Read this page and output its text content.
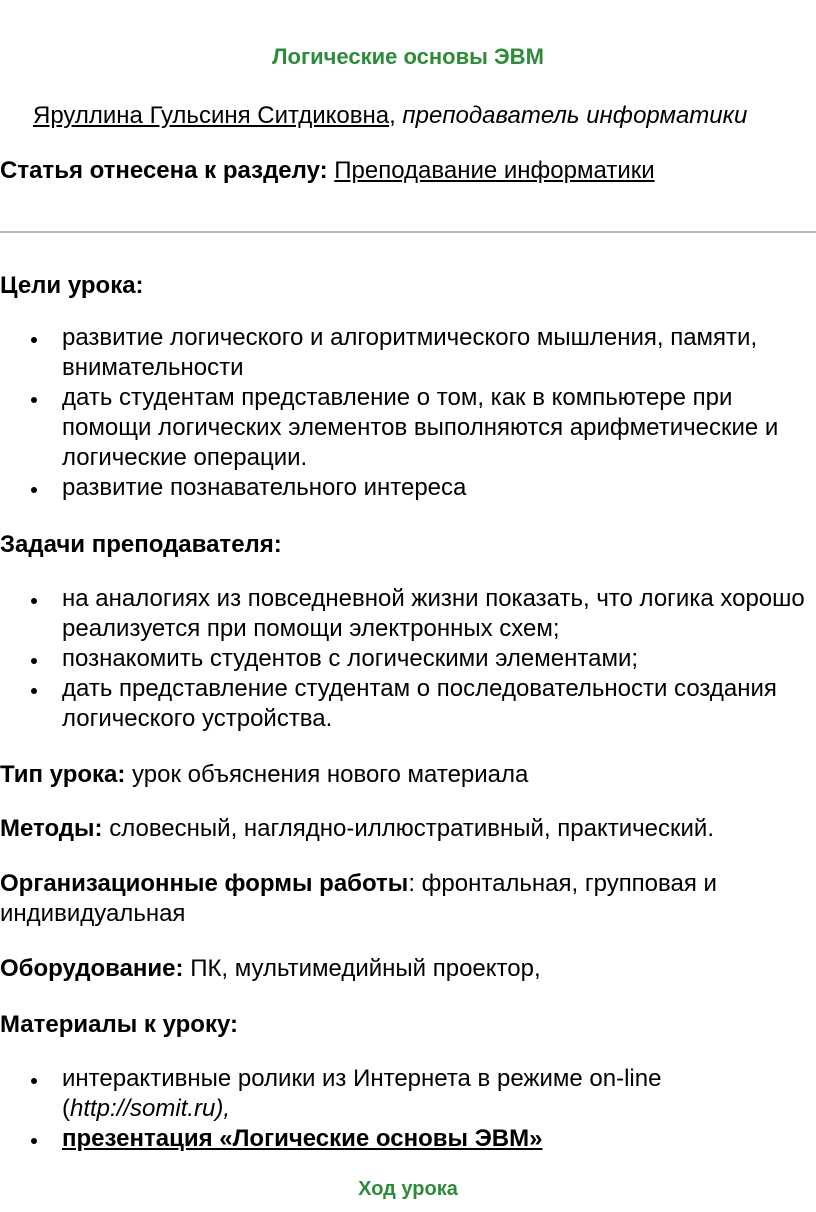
Логические основы ЭВМ
Яруллина Гульсиня Ситдиковна, преподаватель информатики
Статья отнесена к разделу: Преподавание информатики

Цели урока:

развитие логического и алгоритмического мышления, памяти, внимательности
дать студентам представление о том, как в компьютере при помощи логических элементов выполняются арифметические и логические операции.
развитие познавательного интереса

Задачи преподавателя:

на аналогиях из повседневной жизни показать, что логика хорошо реализуется при помощи электронных схем;
познакомить студентов с логическими элементами;
дать представление студентам о последовательности создания логического устройства.
Тип урока: урок объяснения нового материала
Методы: словесный, наглядно-иллюстративный, практический.
Организационные формы работы: фронтальная, групповая и индивидуальная
Оборудование: ПК, мультимедийный проектор,

Материалы к уроку:

интерактивные ролики из Интернета в режиме on-line (http://somit.ru),
презентация «Логические основы ЭВМ»
Ход урока
